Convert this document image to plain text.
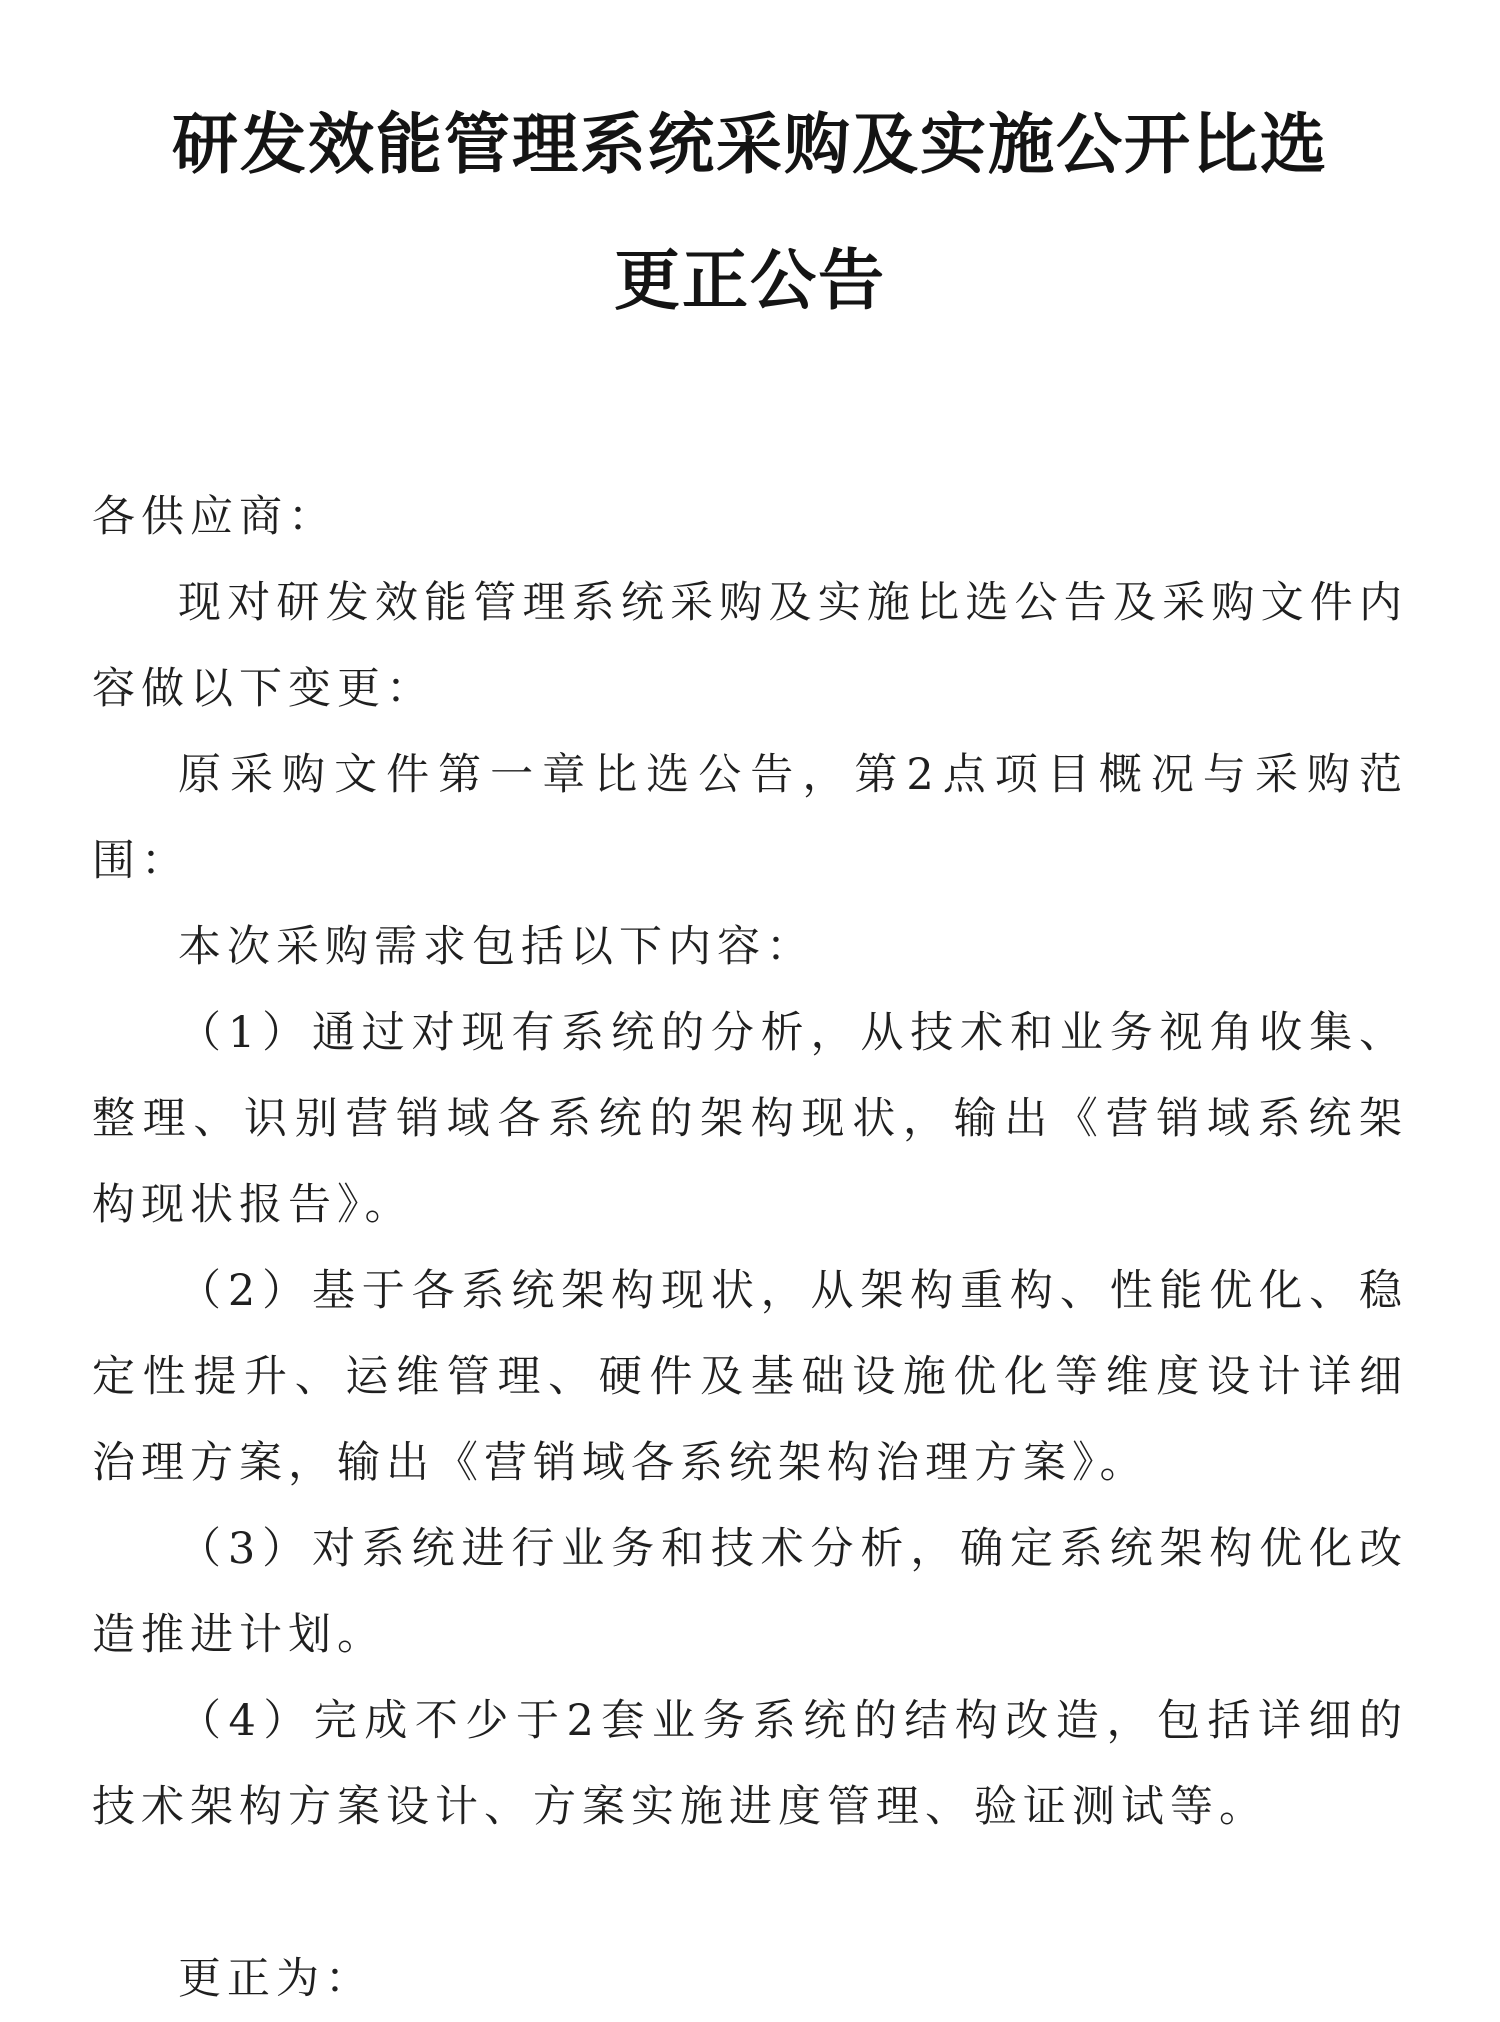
研发效能管理系统采购及实施公开比选
更正公告

各供应商：

现对研发效能管理系统采购及实施比选公告及采购文件内容做以下变更：

原采购文件第一章比选公告，第2点项目概况与采购范围：

本次采购需求包括以下内容：

（1）通过对现有系统的分析，从技术和业务视角收集、整理、识别营销域各系统的架构现状，输出《营销域系统架构现状报告》。

（2）基于各系统架构现状，从架构重构、性能优化、稳定性提升、运维管理、硬件及基础设施优化等维度设计详细治理方案，输出《营销域各系统架构治理方案》。

（3）对系统进行业务和技术分析，确定系统架构优化改造推进计划。

（4）完成不少于2套业务系统的结构改造，包括详细的技术架构方案设计、方案实施进度管理、验证测试等。

更正为：
